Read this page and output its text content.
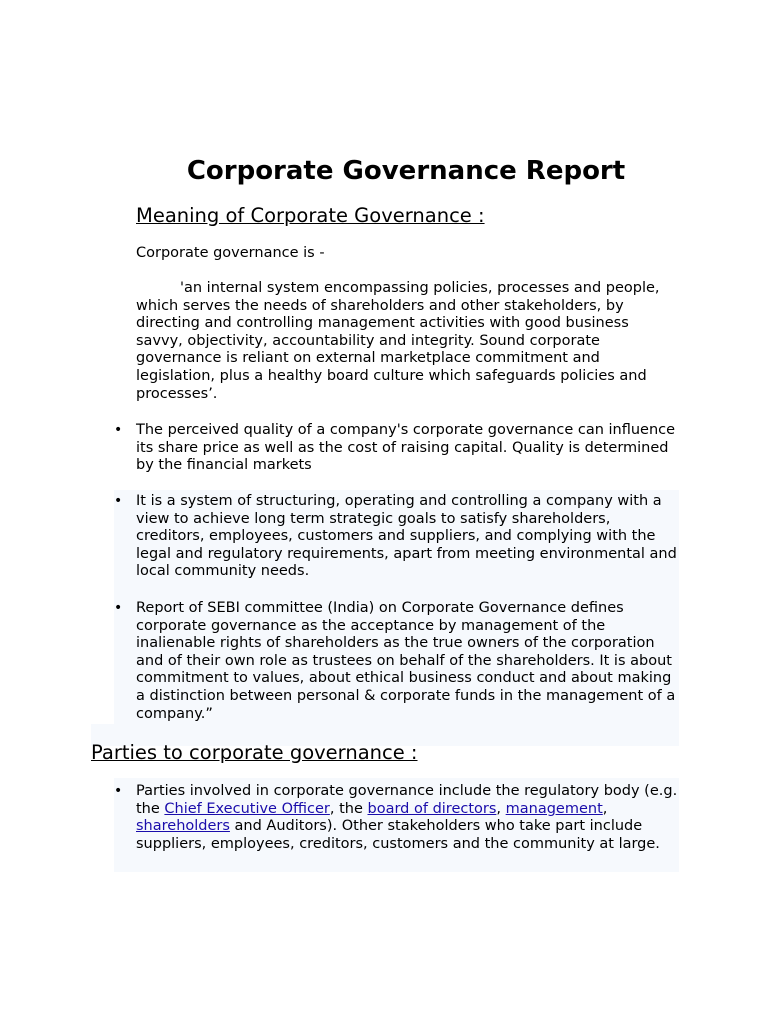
Corporate Governance Report
Meaning of Corporate Governance :

Corporate governance is -

'an internal system encompassing policies, processes and people, which serves the needs of shareholders and other stakeholders, by directing and controlling management activities with good business savvy, objectivity, accountability and integrity. Sound corporate governance is reliant on external marketplace commitment and legislation, plus a healthy board culture which safeguards policies and processes’.

• The perceived quality of a company's corporate governance can influence its share price as well as the cost of raising capital. Quality is determined by the financial markets
• It is a system of structuring, operating and controlling a company with a view to achieve long term strategic goals to satisfy shareholders, creditors, employees, customers and suppliers, and complying with the legal and regulatory requirements, apart from meeting environmental and local community needs.
• Report of SEBI committee (India) on Corporate Governance defines corporate governance as the acceptance by management of the inalienable rights of shareholders as the true owners of the corporation and of their own role as trustees on behalf of the shareholders. It is about commitment to values, about ethical business conduct and about making a distinction between personal & corporate funds in the management of a company.”
Parties to corporate governance :
• Parties involved in corporate governance include the regulatory body (e.g. the Chief Executive Officer, the board of directors, management, shareholders and Auditors). Other stakeholders who take part include suppliers, employees, creditors, customers and the community at large.
